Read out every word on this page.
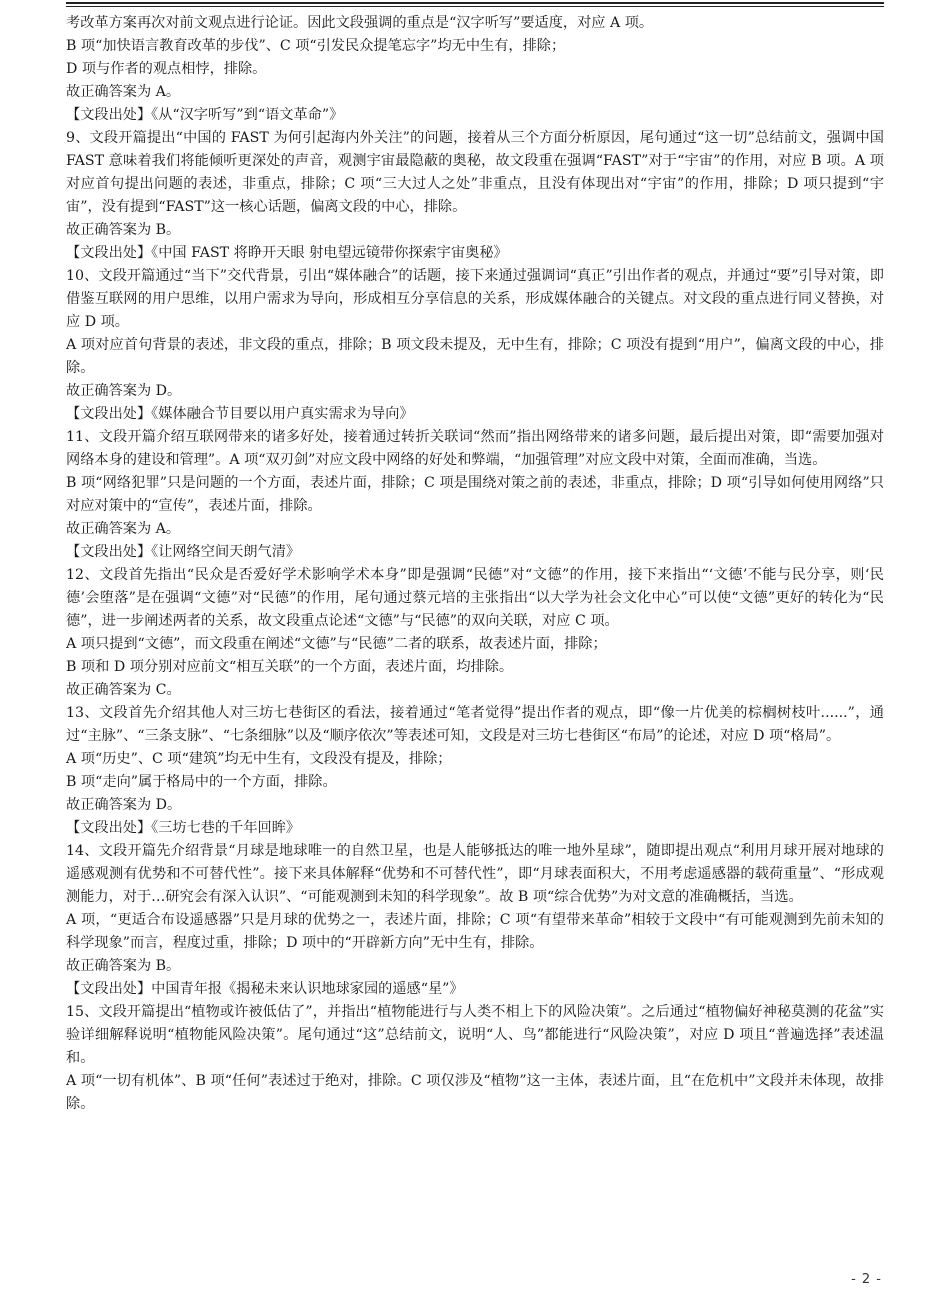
考改革方案再次对前文观点进行论证。因此文段强调的重点是“汉字听写”要适度，对应 A 项。

B 项“加快语言教育改革的步伐”、C 项“引发民众提笔忘字”均无中生有，排除；

D 项与作者的观点相悖，排除。

故正确答案为 A。

【文段出处】《从“汉字听写”到“语文革命”》

9、文段开篇提出“中国的 FAST 为何引起海内外关注”的问题，接着从三个方面分析原因，尾句通过“这一切”总结前文，强调中国 FAST 意味着我们将能倾听更深处的声音，观测宇宙最隐蔽的奥秘，故文段重在强调“FAST”对于“宇宙”的作用，对应 B 项。A 项对应首句提出问题的表述，非重点，排除；C 项“三大过人之处”非重点，且没有体现出对“宇宙”的作用，排除；D 项只提到“宇宙”，没有提到“FAST”这一核心话题，偏离文段的中心，排除。

故正确答案为 B。

【文段出处】《中国 FAST 将睁开天眼 射电望远镜带你探索宇宙奥秘》

10、文段开篇通过“当下”交代背景，引出“媒体融合”的话题，接下来通过强调词“真正”引出作者的观点，并通过“要”引导对策，即借鉴互联网的用户思维，以用户需求为导向，形成相互分享信息的关系，形成媒体融合的关键点。对文段的重点进行同义替换，对应 D 项。

A 项对应首句背景的表述，非文段的重点，排除；B 项文段未提及，无中生有，排除；C 项没有提到“用户”，偏离文段的中心，排除。

故正确答案为 D。

【文段出处】《媒体融合节目要以用户真实需求为导向》

11、文段开篇介绍互联网带来的诸多好处，接着通过转折关联词“然而”指出网络带来的诸多问题，最后提出对策，即“需要加强对网络本身的建设和管理”。A 项“双刃剑”对应文段中网络的好处和弊端，“加强管理”对应文段中对策，全面而准确，当选。

B 项“网络犯罪”只是问题的一个方面，表述片面，排除；C 项是围绕对策之前的表述，非重点，排除；D 项“引导如何使用网络”只对应对策中的“宣传”，表述片面，排除。

故正确答案为 A。

【文段出处】《让网络空间天朗气清》

12、文段首先指出“民众是否爱好学术影响学术本身”即是强调“民德”对“文德”的作用，接下来指出“‘文德’不能与民分享，则‘民德’会堕落”是在强调“文德”对“民德”的作用，尾句通过蔡元培的主张指出“以大学为社会文化中心”可以使“文德”更好的转化为“民德”，进一步阐述两者的关系，故文段重点论述“文德”与“民德”的双向关联，对应 C 项。

A 项只提到“文德”，而文段重在阐述“文德”与“民德”二者的联系，故表述片面，排除；

B 项和 D 项分别对应前文“相互关联”的一个方面，表述片面，均排除。

故正确答案为 C。

13、文段首先介绍其他人对三坊七巷街区的看法，接着通过“笔者觉得”提出作者的观点，即“像一片优美的棕榈树枝叶......”，通过“主脉”、“三条支脉”、“七条细脉”以及“顺序依次”等表述可知，文段是对三坊七巷街区“布局”的论述，对应 D 项“格局”。

A 项“历史”、C 项“建筑”均无中生有，文段没有提及，排除；

B 项“走向”属于格局中的一个方面，排除。

故正确答案为 D。

【文段出处】《三坊七巷的千年回眸》

14、文段开篇先介绍背景“月球是地球唯一的自然卫星，也是人能够抵达的唯一地外星球”，随即提出观点“利用月球开展对地球的遥感观测有优势和不可替代性”。接下来具体解释“优势和不可替代性”，即“月球表面积大，不用考虑遥感器的载荷重量”、“形成观测能力，对于…研究会有深入认识”、“可能观测到未知的科学现象”。故 B 项“综合优势”为对文意的准确概括，当选。

A 项，“更适合布设遥感器”只是月球的优势之一，表述片面，排除；C 项“有望带来革命”相较于文段中“有可能观测到先前未知的科学现象”而言，程度过重，排除；D 项中的“开辟新方向”无中生有，排除。

故正确答案为 B。

【文段出处】中国青年报《揭秘未来认识地球家园的遥感“星”》

15、文段开篇提出“植物或许被低估了”，并指出“植物能进行与人类不相上下的风险决策”。之后通过“植物偏好神秘莫测的花盆”实验详细解释说明“植物能风险决策”。尾句通过“这”总结前文，说明“人、鸟”都能进行“风险决策”，对应 D 项且“普遍选择”表述温和。

A 项“一切有机体”、B 项“任何”表述过于绝对，排除。C 项仅涉及“植物”这一主体，表述片面，且“在危机中”文段并未体现，故排除。

- 2 -
